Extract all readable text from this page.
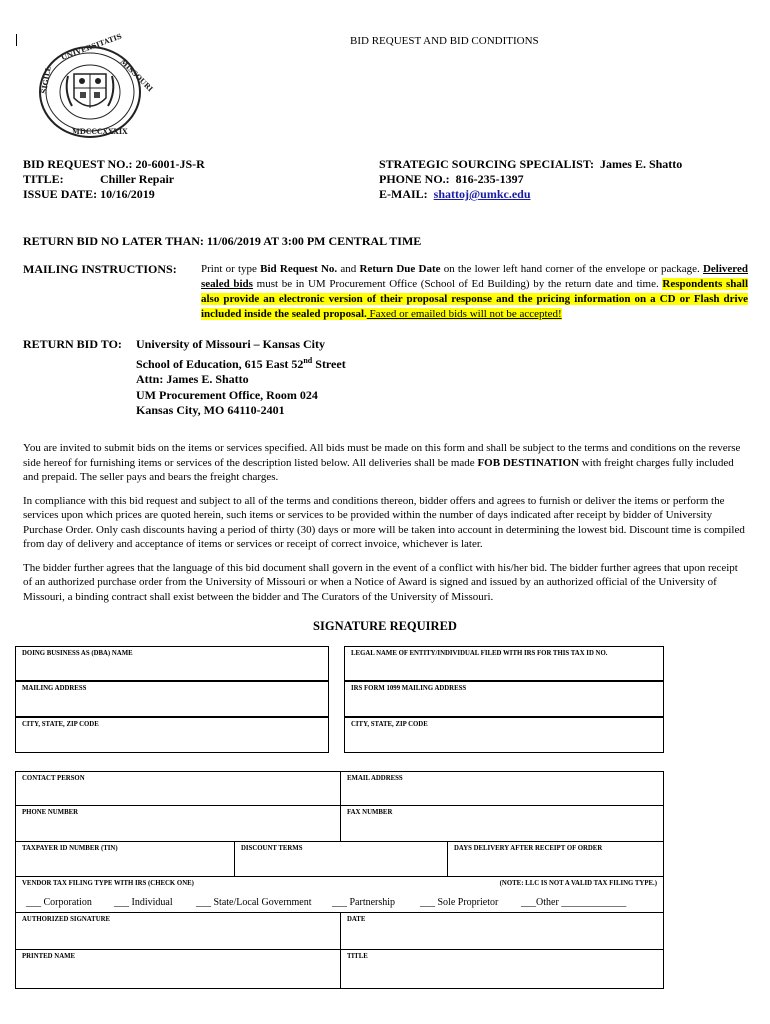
BID REQUEST AND BID CONDITIONS
SIGILL
UNIVERSITATIS
MISSOURI
MDCCCXXXIX
BID REQUEST NO.: 20-6001-JS-R
TITLE:	Chiller Repair
ISSUE DATE: 10/16/2019
STRATEGIC SOURCING SPECIALIST: James E. Shatto
PHONE NO.: 816-235-1397
E-MAIL: shattoj@umkc.edu
RETURN BID NO LATER THAN: 11/06/2019 AT 3:00 PM CENTRAL TIME
MAILING INSTRUCTIONS: Print or type Bid Request No. and Return Due Date on the lower left hand corner of the envelope or package. Delivered sealed bids must be in UM Procurement Office (School of Ed Building) by the return date and time. Respondents shall also provide an electronic version of their proposal response and the pricing information on a CD or Flash drive included inside the sealed proposal. Faxed or emailed bids will not be accepted!
RETURN BID TO: University of Missouri – Kansas City
School of Education, 615 East 52nd Street
Attn: James E. Shatto
UM Procurement Office, Room 024
Kansas City, MO 64110-2401

You are invited to submit bids on the items or services specified. All bids must be made on this form and shall be subject to the terms and conditions on the reverse side hereof for furnishing items or services of the description listed below. All deliveries shall be made FOB DESTINATION with freight charges fully included and prepaid. The seller pays and bears the freight charges.

In compliance with this bid request and subject to all of the terms and conditions thereon, bidder offers and agrees to furnish or deliver the items or perform the services upon which prices are quoted herein, such items or services to be provided within the number of days indicated after receipt by bidder of University Purchase Order. Only cash discounts having a period of thirty (30) days or more will be taken into account in determining the lowest bid. Discount time is compiled from day of delivery and acceptance of items or services or receipt of correct invoice, whichever is later.

The bidder further agrees that the language of this bid document shall govern in the event of a conflict with his/her bid. The bidder further agrees that upon receipt of an authorized purchase order from the University of Missouri or when a Notice of Award is signed and issued by an authorized official of the University of Missouri, a binding contract shall exist between the bidder and The Curators of the University of Missouri.

SIGNATURE REQUIRED
DOING BUSINESS AS (DBA) NAME	LEGAL NAME OF ENTITY/INDIVIDUAL FILED WITH IRS FOR THIS TAX ID NO.
MAILING ADDRESS	IRS FORM 1099 MAILING ADDRESS
CITY, STATE, ZIP CODE	CITY, STATE, ZIP CODE
CONTACT PERSON	EMAIL ADDRESS
PHONE NUMBER	FAX NUMBER
TAXPAYER ID NUMBER (TIN)	DISCOUNT TERMS	DAYS DELIVERY AFTER RECEIPT OF ORDER
VENDOR TAX FILING TYPE WITH IRS (CHECK ONE)	(NOTE: LLC IS NOT A VALID TAX FILING TYPE.)
___ Corporation ___ Individual ___ State/Local Government ___ Partnership ___ Sole Proprietor ___Other _____________
AUTHORIZED SIGNATURE	DATE
PRINTED NAME	TITLE
